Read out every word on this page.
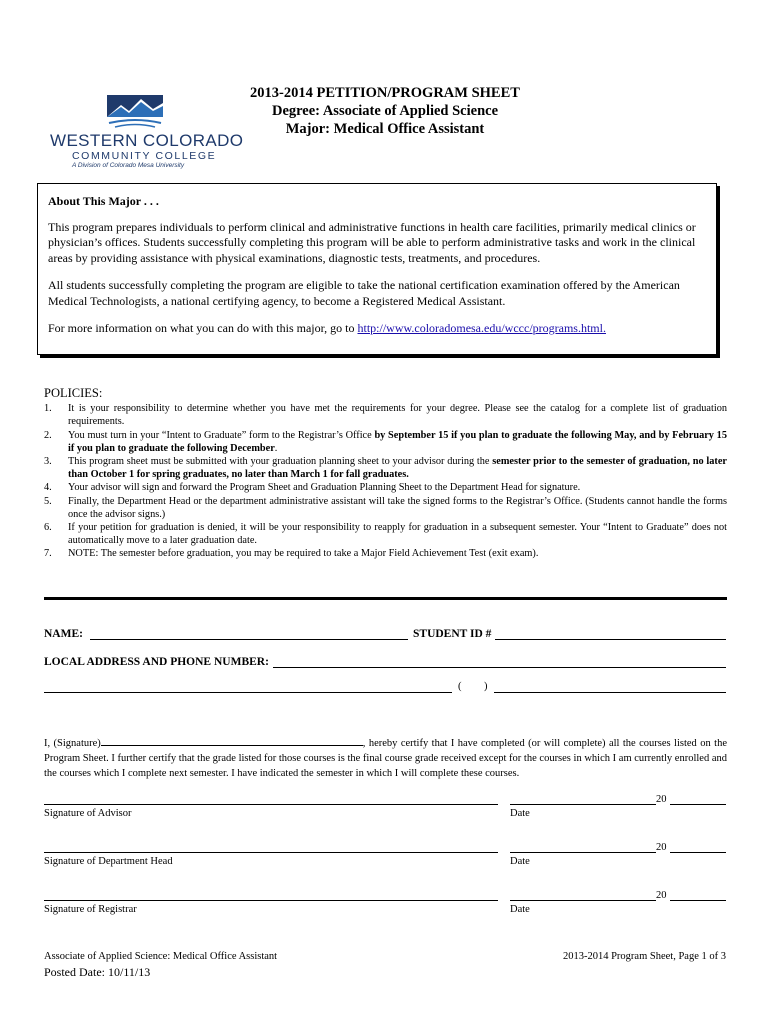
WESTERN COLORADO
COMMUNITY COLLEGE
A Division of Colorado Mesa University
2013-2014 PETITION/PROGRAM SHEET
Degree: Associate of Applied Science
Major: Medical Office Assistant

About This Major . . .

This program prepares individuals to perform clinical and administrative functions in health care facilities, primarily medical clinics or physician’s offices. Students successfully completing this program will be able to perform administrative tasks and work in the clinical areas by providing assistance with physical examinations, diagnostic tests, treatments, and procedures.

All students successfully completing the program are eligible to take the national certification examination offered by the American Medical Technologists, a national certifying agency, to become a Registered Medical Assistant.

For more information on what you can do with this major, go to http://www.coloradomesa.edu/wccc/programs.html.

POLICIES:
1.	It is your responsibility to determine whether you have met the requirements for your degree. Please see the catalog for a complete list of graduation requirements.
2.	You must turn in your “Intent to Graduate” form to the Registrar’s Office by September 15 if you plan to graduate the following May, and by February 15 if you plan to graduate the following December.
3.	This program sheet must be submitted with your graduation planning sheet to your advisor during the semester prior to the semester of graduation, no later than October 1 for spring graduates, no later than March 1 for fall graduates.
4.	Your advisor will sign and forward the Program Sheet and Graduation Planning Sheet to the Department Head for signature.
5.	Finally, the Department Head or the department administrative assistant will take the signed forms to the Registrar’s Office. (Students cannot handle the forms once the advisor signs.)
6.	If your petition for graduation is denied, it will be your responsibility to reapply for graduation in a subsequent semester. Your “Intent to Graduate” does not automatically move to a later graduation date.
7.	NOTE: The semester before graduation, you may be required to take a Major Field Achievement Test (exit exam).
NAME:	STUDENT ID #
LOCAL ADDRESS AND PHONE NUMBER:
( )
I, (Signature)	, hereby certify that I have completed (or will complete) all the courses listed on the Program Sheet. I further certify that the grade listed for those courses is the final course grade received except for the courses in which I am currently enrolled and the courses which I complete next semester. I have indicated the semester in which I will complete these courses.
Signature of Advisor
20
Date
Signature of Department Head
20
Date
Signature of Registrar
20
Date
Associate of Applied Science: Medical Office Assistant
Posted Date: 10/11/13
2013-2014 Program Sheet, Page 1 of 3
